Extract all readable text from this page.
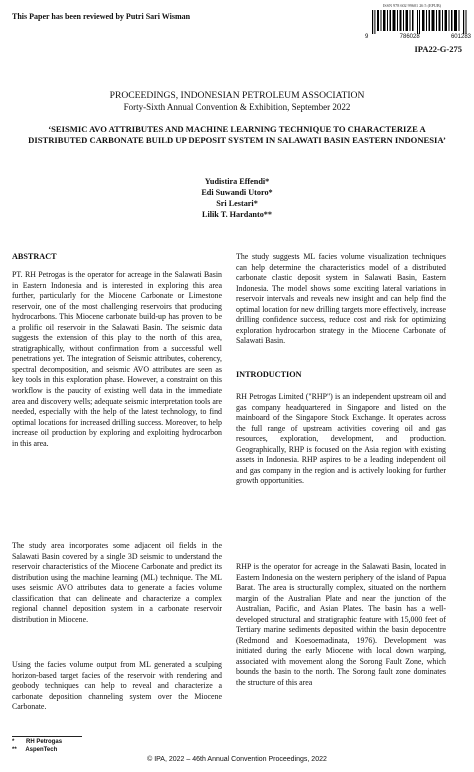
This Paper has been reviewed by Putri Sari Wisman
ISSN 978 602 99601 26 5 (EPUB)
9	786028	601283
IPA22-G-275
PROCEEDINGS, INDONESIAN PETROLEUM ASSOCIATION
Forty-Sixth Annual Convention & Exhibition, September 2022
‘SEISMIC AVO ATTRIBUTES AND MACHINE LEARNING TECHNIQUE TO CHARACTERIZE A DISTRIBUTED CARBONATE BUILD UP DEPOSIT SYSTEM IN SALAWATI BASIN EASTERN INDONESIA’
Yudistira Effendi*
Edi Suwandi Utoro*
Sri Lestari*
Lilik T. Hardanto**
ABSTRACT

PT. RH Petrogas is the operator for acreage in the Salawati Basin in Eastern Indonesia and is interested in exploring this area further, particularly for the Miocene Carbonate or Limestone reservoir, one of the most challenging reservoirs that producing hydrocarbons. This Miocene carbonate build-up has proven to be a prolific oil reservoir in the Salawati Basin. The seismic data suggests the extension of this play to the north of this area, stratigraphically, without confirmation from a successful well penetrations yet. The integration of Seismic attributes, coherency, spectral decomposition, and seismic AVO attributes are seen as key tools in this exploration phase. However, a constraint on this workflow is the paucity of existing well data in the immediate area and discovery wells; adequate seismic interpretation tools are needed, especially with the help of the latest technology, to find optimal locations for increased drilling success. Moreover, to help increase oil production by exploring and exploiting hydrocarbon in this area.

The study area incorporates some adjacent oil fields in the Salawati Basin covered by a single 3D seismic to understand the reservoir characteristics of the Miocene Carbonate and predict its distribution using the machine learning (ML) technique. The ML uses seismic AVO attributes data to generate a facies volume classification that can delineate and characterize a complex regional channel deposition system in a carbonate reservoir distribution in Miocene.

Using the facies volume output from ML generated a sculping horizon-based target facies of the reservoir with rendering and geobody techniques can help to reveal and characterize a carbonate deposition channeling system over the Miocene Carbonate.

The study suggests ML facies volume visualization techniques can help determine the characteristics model of a distributed carbonate clastic deposit system in Salawati Basin, Eastern Indonesia. The model shows some exciting lateral variations in reservoir intervals and reveals new insight and can help find the optimal location for new drilling targets more effectively, increase drilling confidence success, reduce cost and risk for optimizing exploration hydrocarbon strategy in the Miocene Carbonate of Salawati Basin.

INTRODUCTION

RH Petrogas Limited ("RHP") is an independent upstream oil and gas company headquartered in Singapore and listed on the mainboard of the Singapore Stock Exchange. It operates across the full range of upstream activities covering oil and gas resources, exploration, development, and production. Geographically, RHP is focused on the Asia region with existing assets in Indonesia. RHP aspires to be a leading independent oil and gas company in the region and is actively looking for further growth opportunities.

RHP is the operator for acreage in the Salawati Basin, located in Eastern Indonesia on the western periphery of the island of Papua Barat. The area is structurally complex, situated on the northern margin of the Australian Plate and near the junction of the Australian, Pacific, and Asian Plates. The basin has a well-developed structural and stratigraphic feature with 15,000 feet of Tertiary marine sediments deposited within the basin depocentre (Redmond and Koesoemadinata, 1976). Development was initiated during the early Miocene with local down warping, associated with movement along the Sorong Fault Zone, which bounds the basin to the north. The Sorong fault zone dominates the structure of this area

* RH Petrogas
** AspenTech
© IPA, 2022 – 46th Annual Convention Proceedings, 2022
